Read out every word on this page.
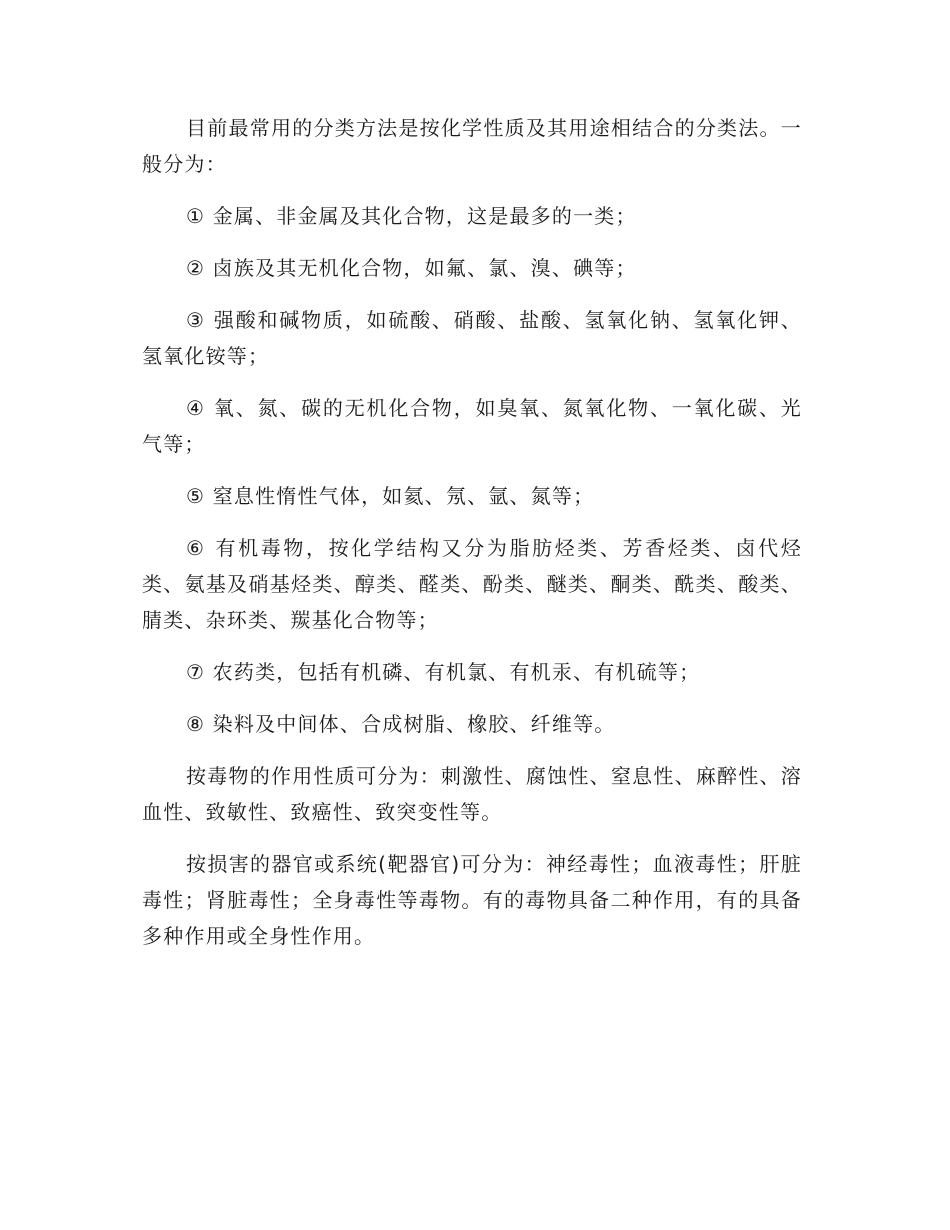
目前最常用的分类方法是按化学性质及其用途相结合的分类法。一般分为：

① 金属、非金属及其化合物，这是最多的一类；

② 卤族及其无机化合物，如氟、氯、溴、碘等；

③ 强酸和碱物质，如硫酸、硝酸、盐酸、氢氧化钠、氢氧化钾、氢氧化铵等；

④ 氧、氮、碳的无机化合物，如臭氧、氮氧化物、一氧化碳、光气等；

⑤ 窒息性惰性气体，如氦、氖、氩、氮等；

⑥ 有机毒物，按化学结构又分为脂肪烃类、芳香烃类、卤代烃类、氨基及硝基烃类、醇类、醛类、酚类、醚类、酮类、酰类、酸类、腈类、杂环类、羰基化合物等；

⑦ 农药类，包括有机磷、有机氯、有机汞、有机硫等；

⑧ 染料及中间体、合成树脂、橡胶、纤维等。

按毒物的作用性质可分为：刺激性、腐蚀性、窒息性、麻醉性、溶血性、致敏性、致癌性、致突变性等。

按损害的器官或系统(靶器官)可分为：神经毒性；血液毒性；肝脏毒性；肾脏毒性；全身毒性等毒物。有的毒物具备二种作用，有的具备多种作用或全身性作用。
